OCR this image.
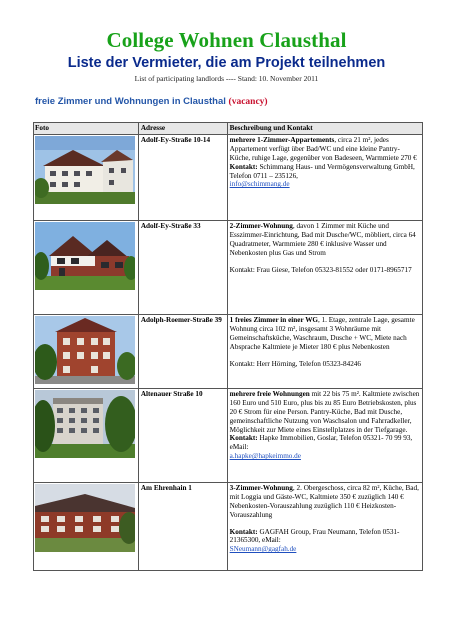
College Wohnen Clausthal
Liste der Vermieter, die am Projekt teilnehmen
List of participating landlords ---- Stand: 10. November 2011
freie Zimmer und Wohnungen in Clausthal (vacancy)
Foto	Adresse	Beschreibung und Kontakt

	Adolf-Ey-Straße 10-14	mehrere 1-Zimmer-Appartements, circa 21 m², jedes Appartement verfügt über Bad/WC und eine kleine Pantry-Küche, ruhige Lage, gegenüber von Badeseen, Warmmiete 270 €
Kontakt: Schimmang Haus- und Vermögensverwaltung GmbH, Telefon 0711 – 235126,
info@schimmang.de

	Adolf-Ey-Straße 33	2-Zimmer-Wohnung, davon 1 Zimmer mit Küche und Esszimmer-Einrichtung, Bad mit Dusche/WC, möbliert, circa 64 Quadratmeter, Warmmiete 280 € inklusive Wasser und Nebenkosten plus Gas und Strom
Kontakt: Frau Giese, Telefon 05323-81552 oder 0171-8965717

	Adolph-Roemer-Straße 39	1 freies Zimmer in einer WG, 1. Etage, zentrale Lage, gesamte Wohnung circa 102 m², insgesamt 3 Wohnräume mit Gemeinschaftsküche, Waschraum, Dusche + WC, Miete nach Absprache Kaltmiete je Mieter 180 € plus Nebenkosten
Kontakt: Herr Hörning, Telefon 05323-84246

	Altenauer Straße 10	mehrere freie Wohnungen mit 22 bis 75 m². Kaltmiete zwischen 160 Euro und 510 Euro, plus bis zu 85 Euro Betriebskosten, plus 20 € Strom für eine Person. Pantry-Küche, Bad mit Dusche, gemeinschaftliche Nutzung von Waschsalon und Fahrradkeller, Möglichkeit zur Miete eines Einstellplatzes in der Tiefgarage.
Kontakt: Hapke Immobilien, Goslar, Telefon 05321- 70 99 93, eMail:
a.hapke@hapkeimmo.de

	Am Ehrenhain 1	3-Zimmer-Wohnung, 2. Obergeschoss, circa 82 m², Küche, Bad, mit Loggia und Gäste-WC, Kaltmiete 350 € zuzüglich 140 € Nebenkosten-Vorauszahlung zuzüglich 110 € Heizkosten-Vorauszahlung
Kontakt: GAGFAH Group, Frau Neumann, Telefon 0531-21365300, eMail:
SNeumann@gagfah.de
